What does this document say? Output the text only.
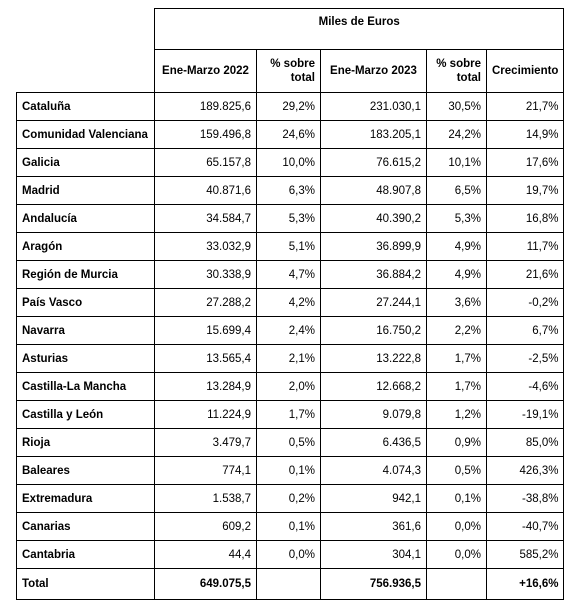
	Miles de Euros				
	Ene-Marzo 2022	% sobre total	Ene-Marzo 2023	% sobre total	Crecimiento
Cataluña	189.825,6	29,2%	231.030,1	30,5%	21,7%
Comunidad Valenciana	159.496,8	24,6%	183.205,1	24,2%	14,9%
Galicia	65.157,8	10,0%	76.615,2	10,1%	17,6%
Madrid	40.871,6	6,3%	48.907,8	6,5%	19,7%
Andalucía	34.584,7	5,3%	40.390,2	5,3%	16,8%
Aragón	33.032,9	5,1%	36.899,9	4,9%	11,7%
Región de Murcia	30.338,9	4,7%	36.884,2	4,9%	21,6%
País Vasco	27.288,2	4,2%	27.244,1	3,6%	-0,2%
Navarra	15.699,4	2,4%	16.750,2	2,2%	6,7%
Asturias	13.565,4	2,1%	13.222,8	1,7%	-2,5%
Castilla-La Mancha	13.284,9	2,0%	12.668,2	1,7%	-4,6%
Castilla y León	11.224,9	1,7%	9.079,8	1,2%	-19,1%
Rioja	3.479,7	0,5%	6.436,5	0,9%	85,0%
Baleares	774,1	0,1%	4.074,3	0,5%	426,3%
Extremadura	1.538,7	0,2%	942,1	0,1%	-38,8%
Canarias	609,2	0,1%	361,6	0,0%	-40,7%
Cantabria	44,4	0,0%	304,1	0,0%	585,2%
Total	649.075,5		756.936,5		+16,6%
